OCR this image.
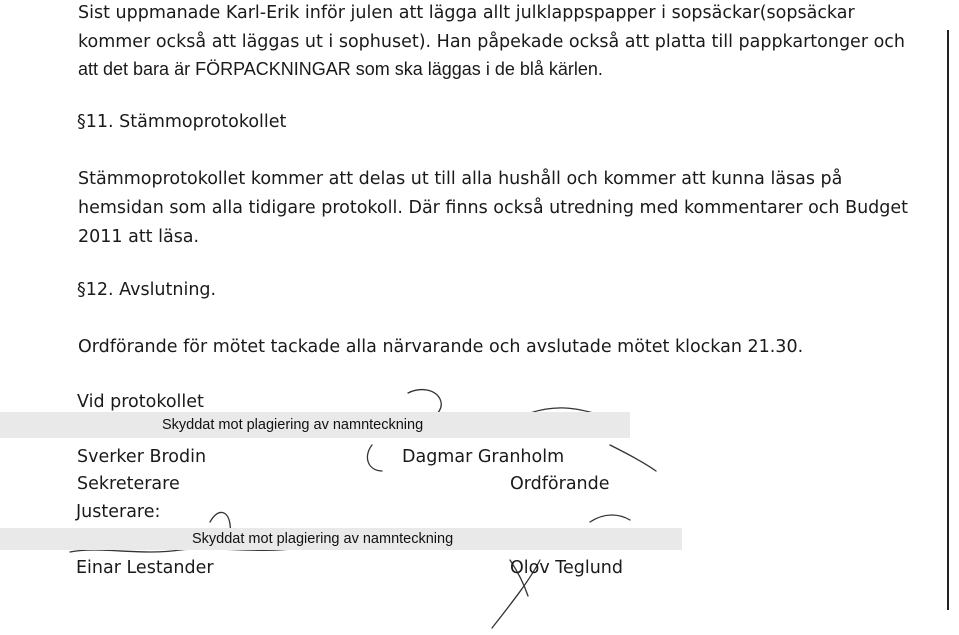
Sist uppmanade Karl-Erik inför julen att lägga allt julklappspapper i sopsäckar(sopsäckar
kommer också att läggas ut i sophuset). Han påpekade också att platta till pappkartonger och
att det bara är FÖRPACKNINGAR som ska läggas i de blå kärlen.
§11. Stämmoprotokollet
Stämmoprotokollet kommer att delas ut till alla hushåll och kommer att kunna läsas på
hemsidan som alla tidigare protokoll. Där finns också utredning med kommentarer och Budget
2011 att läsa.
§12. Avslutning.
Ordförande för mötet tackade alla närvarande och avslutade mötet klockan 21.30.
Vid protokollet
Skyddat mot plagiering av namnteckning
Sverker Brodin	Dagmar Granholm
Sekreterare	Ordförande
Justerare:
Skyddat mot plagiering av namnteckning
Einar Lestander	Olov Teglund
